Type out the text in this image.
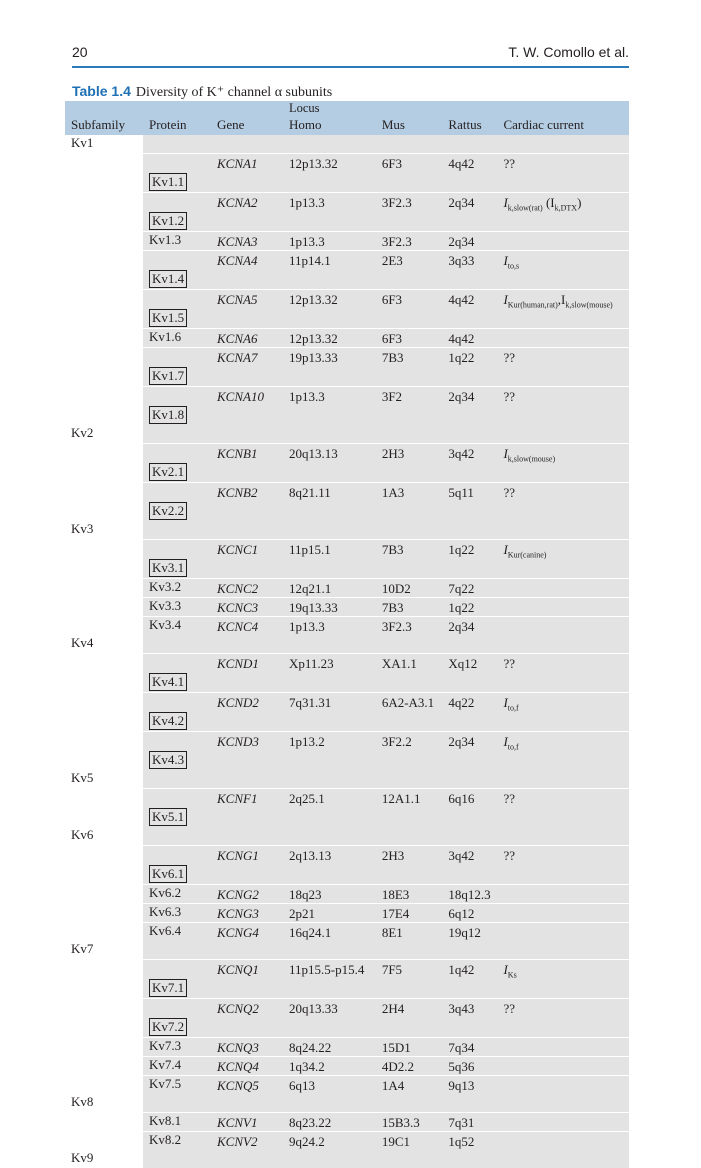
20	T. W. Comollo et al.
Table 1.4 Diversity of K⁺ channel α subunits
			Locus			
Subfamily	Protein	Gene	Homo	Mus	Rattus	Cardiac current
Kv1						
	Kv1.1	KCNA1	12p13.32	6F3	4q42	??
	Kv1.2	KCNA2	1p13.3	3F2.3	2q34	$I_{k,slow(rat)}$ $(I_{k,DTX})$
	Kv1.3	KCNA3	1p13.3	3F2.3	2q34	
	Kv1.4	KCNA4	11p14.1	2E3	3q33	$I_{to,s}$
	Kv1.5	KCNA5	12p13.32	6F3	4q42	$I_{Kur(human,rat)},I_{k,slow(mouse)}$
	Kv1.6	KCNA6	12p13.32	6F3	4q42	
	Kv1.7	KCNA7	19p13.33	7B3	1q22	??
	Kv1.8	KCNA10	1p13.3	3F2	2q34	??
Kv2						
	Kv2.1	KCNB1	20q13.13	2H3	3q42	$I_{k,slow(mouse)}$
	Kv2.2	KCNB2	8q21.11	1A3	5q11	??
Kv3						
	Kv3.1	KCNC1	11p15.1	7B3	1q22	$I_{Kur(canine)}$
	Kv3.2	KCNC2	12q21.1	10D2	7q22	
	Kv3.3	KCNC3	19q13.33	7B3	1q22	
	Kv3.4	KCNC4	1p13.3	3F2.3	2q34	
Kv4						
	Kv4.1	KCND1	Xp11.23	XA1.1	Xq12	??
	Kv4.2	KCND2	7q31.31	6A2-A3.1	4q22	$I_{to,f}$
	Kv4.3	KCND3	1p13.2	3F2.2	2q34	$I_{to,f}$
Kv5						
	Kv5.1	KCNF1	2q25.1	12A1.1	6q16	??
Kv6						
	Kv6.1	KCNG1	2q13.13	2H3	3q42	??
	Kv6.2	KCNG2	18q23	18E3	18q12.3	
	Kv6.3	KCNG3	2p21	17E4	6q12	
	Kv6.4	KCNG4	16q24.1	8E1	19q12	
Kv7						
	Kv7.1	KCNQ1	11p15.5-p15.4	7F5	1q42	$I_{Ks}$
	Kv7.2	KCNQ2	20q13.33	2H4	3q43	??
	Kv7.3	KCNQ3	8q24.22	15D1	7q34	
	Kv7.4	KCNQ4	1q34.2	4D2.2	5q36	
	Kv7.5	KCNQ5	6q13	1A4	9q13	
Kv8						
	Kv8.1	KCNV1	8q23.22	15B3.3	7q31	
	Kv8.2	KCNV2	9q24.2	19C1	1q52	
Kv9						
